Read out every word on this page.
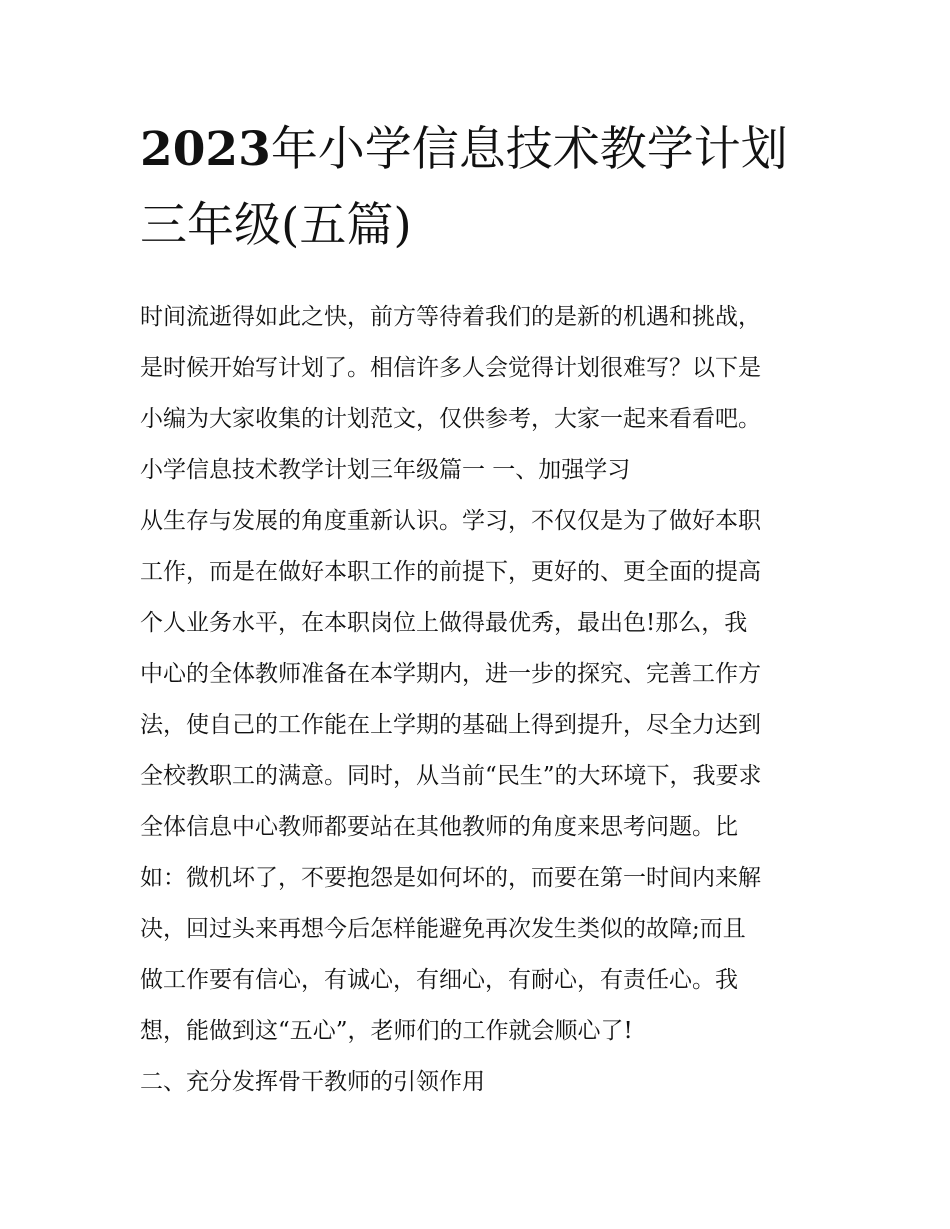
2023年小学信息技术教学计划
三年级(五篇)

时间流逝得如此之快，前方等待着我们的是新的机遇和挑战，

是时候开始写计划了。相信许多人会觉得计划很难写？以下是

小编为大家收集的计划范文，仅供参考，大家一起来看看吧。

小学信息技术教学计划三年级篇一 一、加强学习

从生存与发展的角度重新认识。学习，不仅仅是为了做好本职

工作，而是在做好本职工作的前提下，更好的、更全面的提高

个人业务水平，在本职岗位上做得最优秀，最出色!那么，我

中心的全体教师准备在本学期内，进一步的探究、完善工作方

法，使自己的工作能在上学期的基础上得到提升，尽全力达到

全校教职工的满意。同时，从当前“民生”的大环境下，我要求

全体信息中心教师都要站在其他教师的角度来思考问题。比

如：微机坏了，不要抱怨是如何坏的，而要在第一时间内来解

决，回过头来再想今后怎样能避免再次发生类似的故障;而且

做工作要有信心，有诚心，有细心，有耐心，有责任心。我

想，能做到这“五心”，老师们的工作就会顺心了!

二、充分发挥骨干教师的引领作用
